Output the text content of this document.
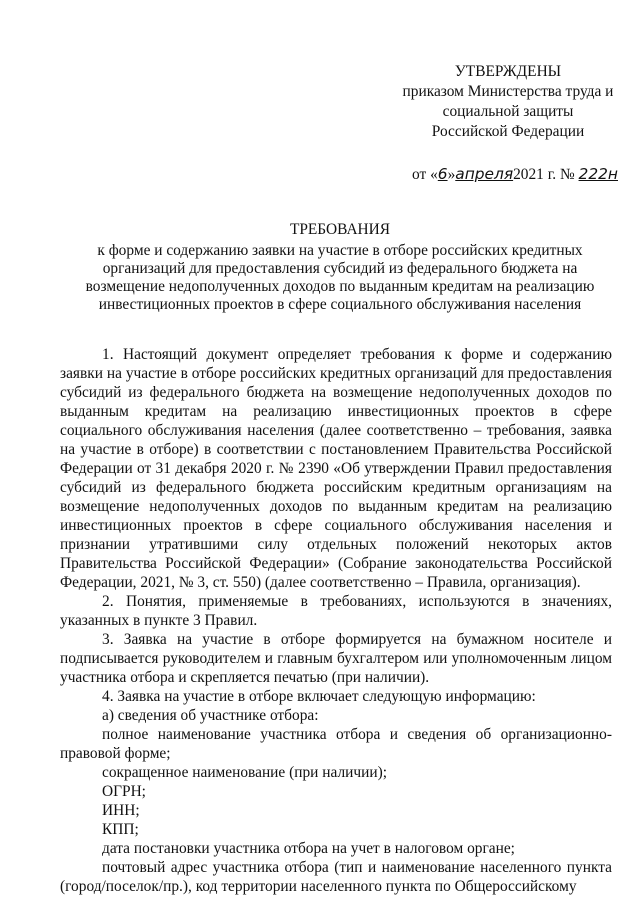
УТВЕРЖДЕНЫ
приказом Министерства труда и
социальной защиты
Российской Федерации
от «6»апреля2021 г. № 222н
ТРЕБОВАНИЯ
к форме и содержанию заявки на участие в отборе российских кредитных организаций для предоставления субсидий из федерального бюджета на возмещение недополученных доходов по выданным кредитам на реализацию инвестиционных проектов в сфере социального обслуживания населения

1. Настоящий документ определяет требования к форме и содержанию заявки на участие в отборе российских кредитных организаций для предоставления субсидий из федерального бюджета на возмещение недополученных доходов по выданным кредитам на реализацию инвестиционных проектов в сфере социального обслуживания населения (далее соответственно – требования, заявка на участие в отборе) в соответствии с постановлением Правительства Российской Федерации от 31 декабря 2020 г. № 2390 «Об утверждении Правил предоставления субсидий из федерального бюджета российским кредитным организациям на возмещение недополученных доходов по выданным кредитам на реализацию инвестиционных проектов в сфере социального обслуживания населения и признании утратившими силу отдельных положений некоторых актов Правительства Российской Федерации» (Собрание законодательства Российской Федерации, 2021, № 3, ст. 550) (далее соответственно – Правила, организация).

2. Понятия, применяемые в требованиях, используются в значениях, указанных в пункте 3 Правил.

3. Заявка на участие в отборе формируется на бумажном носителе и подписывается руководителем и главным бухгалтером или уполномоченным лицом участника отбора и скрепляется печатью (при наличии).

4. Заявка на участие в отборе включает следующую информацию:

а) сведения об участнике отбора:

полное наименование участника отбора и сведения об организационно-правовой форме;

сокращенное наименование (при наличии);

ОГРН;

ИНН;

КПП;

дата постановки участника отбора на учет в налоговом органе;

почтовый адрес участника отбора (тип и наименование населенного пункта (город/поселок/пр.), код территории населенного пункта по Общероссийскому
